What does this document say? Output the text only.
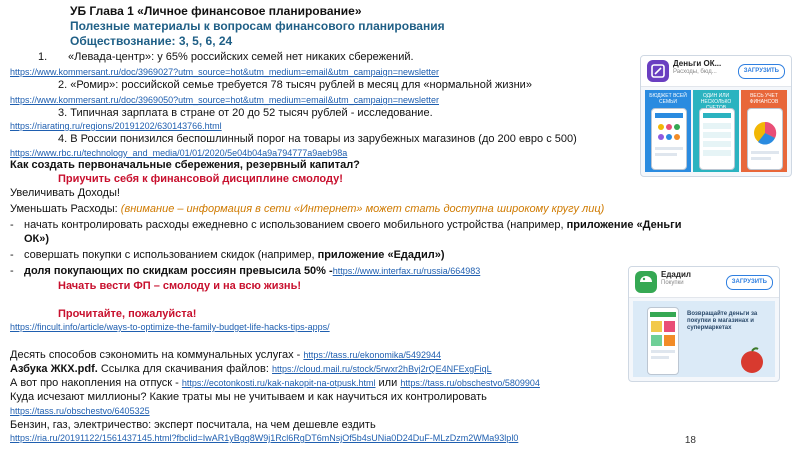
УБ Глава 1 «Личное финансовое планирование»
Полезные материалы к вопросам финансового планирования
Обществознание: 3, 5, 6, 24
1. «Левада-центр»: у 65% российских семей нет никаких сбережений.
https://www.kommersant.ru/doc/3969027?utm_source=hot&utm_medium=email&utm_campaign=newsletter
2. «Ромир»: российской семье требуется 78 тысяч рублей в месяц для «нормальной жизни»
https://www.kommersant.ru/doc/3969050?utm_source=hot&utm_medium=email&utm_campaign=newsletter
3. Типичная зарплата в стране от 20 до 52 тысяч рублей - исследование.
https://riarating.ru/regions/20191202/630143766.html
4. В России понизился беспошлинный порог на товары из зарубежных магазинов (до 200 евро с 500)
https://www.rbc.ru/technology_and_media/01/01/2020/5e04b04a9a794777a9aeb98a
Как создать первоначальные сбережения, резервный капитал?
Приучить себя к финансовой дисциплине смолоду!
Увеличивать Доходы!
Уменьшать Расходы: (внимание – информация в сети «Интернет» может стать доступна широкому кругу лиц)
- начать контролировать расходы ежедневно с использованием своего мобильного устройства (например, приложение «Деньги
ОК»)
- совершать покупки с использованием скидок (например, приложение «Едадил»)
- доля покупающих по скидкам россиян превысила 50% -https://www.interfax.ru/russia/664983
Начать вести ФП – смолоду и на всю жизнь!
Прочитайте, пожалуйста!
https://fincult.info/article/ways-to-optimize-the-family-budget-life-hacks-tips-apps/
Десять способов сэкономить на коммунальных услугах - https://tass.ru/ekonomika/5492944
Азбука ЖКХ.pdf. Ссылка для скачивания файлов: https://cloud.mail.ru/stock/5rwxr2hBvj2rQE4NFExgFiqL
А вот про накопления на отпуск - https://ecotonkosti.ru/kak-nakopit-na-otpusk.html или https://tass.ru/obschestvo/5809904
Куда исчезают миллионы? Какие траты мы не учитываем и как научиться их контролировать
https://tass.ru/obschestvo/6405325
Бензин, газ, электричество: эксперт посчитала, на чем дешевле ездить
https://ria.ru/20191122/1561437145.html?fbclid=IwAR1yBgq8W9j1Rcl6RgDT6mNsjOf5b4sUNia0D24DuF-MLzDzm2WMa93lpl0	18
Деньги ОК...
Расходы, бюд...	ЗАГРУЗИТЬ
БЮДЖЕТ ВСЕЙ СЕМЬИ
ОДИН ИЛИ НЕСКОЛЬКО
ВЕСЬ УЧЕТ ФИНАНСОВ
Едадил
Покупки	ЗАГРУЗИТЬ
Возвращайте деньги за покупки в магазинах и супермаркетах
